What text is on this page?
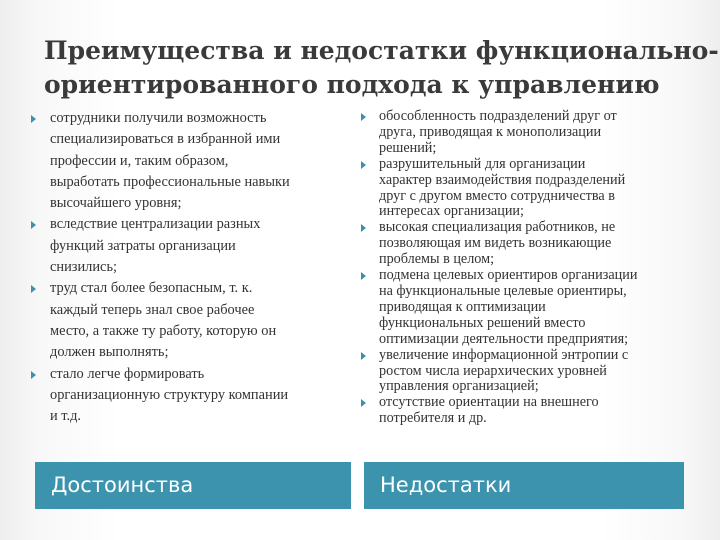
Преимущества и недостатки функционально-
ориентированного подхода к управлению
сотрудники получили возможность
специализироваться в избранной ими
профессии и, таким образом,
выработать профессиональные навыки
высочайшего уровня;
вследствие централизации разных
функций затраты организации
снизились;
труд стал более безопасным, т. к.
каждый теперь знал свое рабочее
место, а также ту работу, которую он
должен выполнять;
стало легче формировать
организационную структуру компании
и т.д.
обособленность подразделений друг от
друга, приводящая к монополизации
решений;
разрушительный для организации
характер взаимодействия подразделений
друг с другом вместо сотрудничества в
интересах организации;
высокая специализация работников, не
позволяющая им видеть возникающие
проблемы в целом;
подмена целевых ориентиров организации
на функциональные целевые ориентиры,
приводящая к оптимизации
функциональных решений вместо
оптимизации деятельности предприятия;
увеличение информационной энтропии с
ростом числа иерархических уровней
управления организацией;
отсутствие ориентации на внешнего
потребителя и др.
Достоинства	Недостатки
